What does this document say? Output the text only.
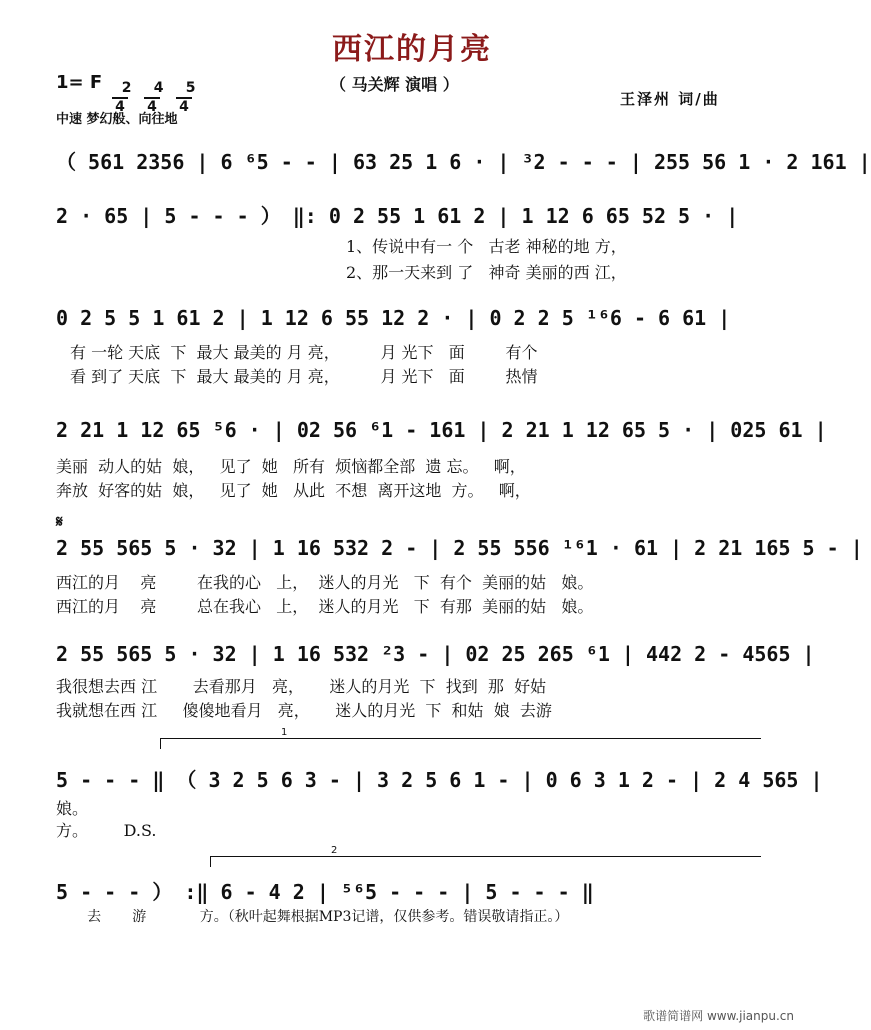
西江的月亮
（ 马关辉 演唱 ）
1= F	2
4

4
4

5
4

中速 梦幻般、向往地
王泽州 词/曲
（ 561 2356 | 6 ⁶5 - - | 63 25 1 6 · | ³2 - - - | 255 56 1 · 2 161 |
2 · 65 | 5 - - - ） ‖: 0 2 55 1 61 2 | 1 12 6 65 52 5 · |
1、传说中有一 个   古老 神秘的地 方，
2、那一天来到 了   神奇 美丽的西 江，
0 2 5 5 1 61 2 | 1 12 6 55 12 2 · | 0 2 2 5 ¹⁶6 - 6 61 |
有 一轮 天底  下  最大 最美的 月 亮，        月 光下   面        有个
看 到了 天底  下  最大 最美的 月 亮，        月 光下   面        热情
2 21 1 12 65 ⁵6 · | 02 56 ⁶1 - 161 | 2 21 1 12 65 5 · | 025 61 |
美丽  动人的姑  娘，   见了  她   所有  烦恼都全部  遗 忘。   啊，
奔放  好客的姑  娘，   见了  她   从此  不想  离开这地  方。   啊，
𝄋
2 55 565 5 · 32 | 1 16 532 2 - | 2 55 556 ¹⁶1 · 61 | 2 21 165 5 - |
西江的月    亮        在我的心   上，  迷人的月光   下  有个  美丽的姑   娘。
西江的月    亮        总在我心   上，  迷人的月光   下  有那  美丽的姑   娘。
2 55 565 5 · 32 | 1 16 532 ²3 - | 02 25 265 ⁶1 | 442 2 - 4565 |
我很想去西 江       去看那月   亮，     迷人的月光  下  找到  那  好姑
我就想在西 江     傻傻地看月   亮，     迷人的月光  下  和姑  娘  去游

1

5 - - - ‖ （ 3 2 5 6 3 - | 3 2 5 6 1 - | 0 6 3 1 2 - | 2 4 565 |
娘。
方。       D.S.

2

5 - - - ） :‖ 6 - 4 2 | ⁵⁶5 - - - | 5 - - - ‖
去       游            方。（秋叶起舞根据MP3记谱，仅供参考。错误敬请指正。）
歌谱简谱网 www.jianpu.cn
